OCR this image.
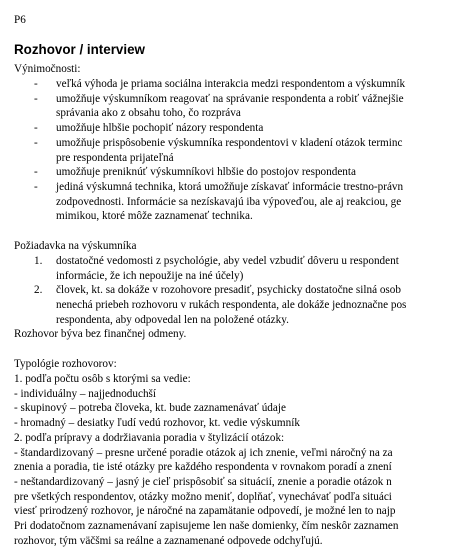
P6
Rozhovor / interview
Výnimočnosti:
- veľká výhoda je priama sociálna interakcia medzi respondentom a výskumník
- umožňuje výskumníkom reagovať na správanie respondenta a robiť vážnejšie
správania ako z obsahu toho, čo rozpráva
- umožňuje hlbšie pochopiť názory respondenta
- umožňuje prispôsobenie výskumníka respondentovi v kladení otázok terminc
pre respondenta prijateľná
- umožňuje preniknúť výskumníkovi hlbšie do postojov respondenta
- jediná výskumná technika, ktorá umožňuje získavať informácie trestno-právn
zodpovednosti. Informácie sa nezískavajú iba výpoveďou, ale aj reakciou, ge
mimikou, ktoré môže zaznamenať technika.
Požiadavka na výskumníka
1. dostatočné vedomosti z psychológie, aby vedel vzbudiť dôveru u respondent
informácie, že ich nepoužije na iné účely)
2. človek, kt. sa dokáže v rozohovore presadiť, psychicky dostatočne silná osob
nenechá priebeh rozhovoru v rukách respondenta, ale dokáže jednoznačne pos
respondenta, aby odpovedal len na položené otázky.
Rozhovor býva bez finančnej odmeny.
Typológie rozhovorov:
1. podľa počtu osôb s ktorými sa vedie:
- individuálny – najjednoduchší
- skupinový – potreba človeka, kt. bude zaznamenávať údaje
- hromadný – desiatky ľudí vedú rozhovor, kt. vedie výskumník
2. podľa prípravy a dodržiavania poradia v štylizácií otázok:
- štandardizovaný – presne určené poradie otázok aj ich znenie, veľmi náročný na za
znenia a poradia, tie isté otázky pre každého respondenta v rovnakom poradí a znení
- neštandardizovaný – jasný je cieľ prispôsobiť sa situácií, znenie a poradie otázok n
pre všetkých respondentov, otázky možno meniť, doplňať, vynechávať podľa situáci
viesť prirodzený rozhovor, je náročné na zapamätanie odpovedí, je možné len to najp
Pri dodatočnom zaznamenávaní zapisujeme len naše domienky, čím neskôr zaznamen
rozhovor, tým väčšmi sa reálne a zaznamenané odpovede odchyľujú.
